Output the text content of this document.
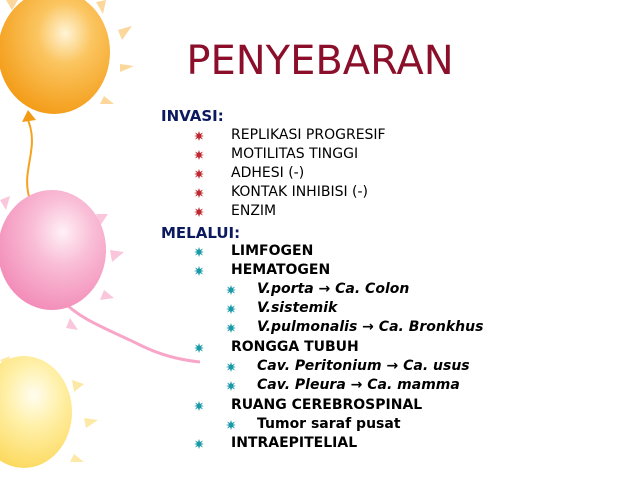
PENYEBARAN
INVASI:
REPLIKASI PROGRESIF
MOTILITAS TINGGI
ADHESI (-)
KONTAK INHIBISI (-)
ENZIM
MELALUI:
LIMFOGEN
HEMATOGEN
V.porta → Ca. Colon
V.sistemik
V.pulmonalis → Ca. Bronkhus
RONGGA TUBUH
Cav. Peritonium → Ca. usus
Cav. Pleura → Ca. mamma
RUANG CEREBROSPINAL
Tumor saraf pusat
INTRAEPITELIAL
